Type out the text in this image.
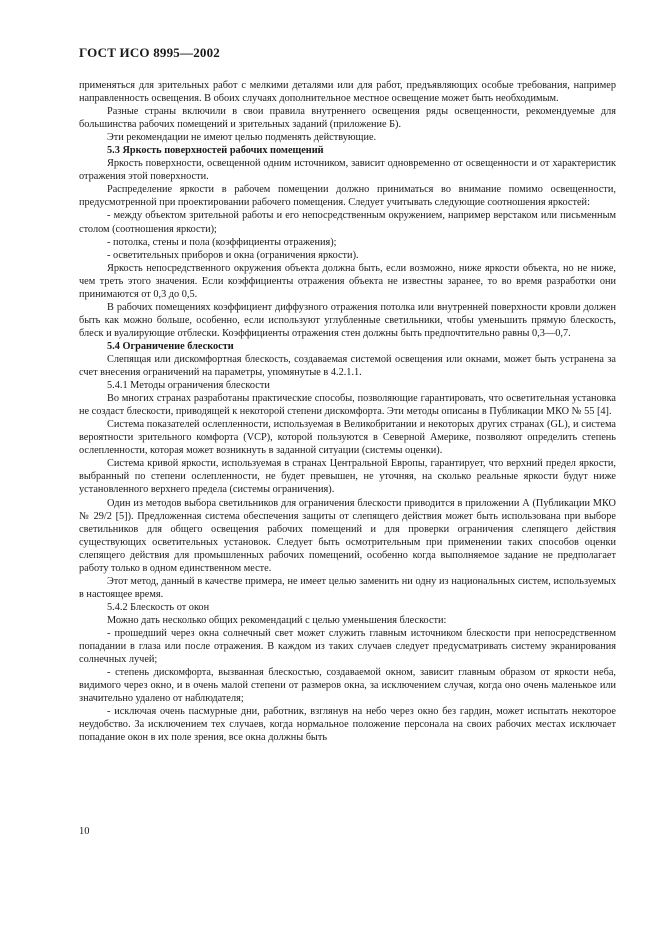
ГОСТ ИСО 8995—2002

применяться для зрительных работ с мелкими деталями или для работ, предъявляющих особые требования, например направленность освещения. В обоих случаях дополнительное местное освещение может быть необходимым.

Разные страны включили в свои правила внутреннего освещения ряды освещенности, рекомендуемые для большинства рабочих помещений и зрительных заданий (приложение Б).

Эти рекомендации не имеют целью подменять действующие.

5.3 Яркость поверхностей рабочих помещений

Яркость поверхности, освещенной одним источником, зависит одновременно от освещенности и от характеристик отражения этой поверхности.

Распределение яркости в рабочем помещении должно приниматься во внимание помимо освещенности, предусмотренной при проектировании рабочего помещения. Следует учитывать следующие соотношения яркостей:

- между объектом зрительной работы и его непосредственным окружением, например верстаком или письменным столом (соотношения яркости);

- потолка, стены и пола (коэффициенты отражения);

- осветительных приборов и окна (ограничения яркости).

Яркость непосредственного окружения объекта должна быть, если возможно, ниже яркости объекта, но не ниже, чем треть этого значения. Если коэффициенты отражения объекта не известны заранее, то во время разработки они принимаются от 0,3 до 0,5.

В рабочих помещениях коэффициент диффузного отражения потолка или внутренней поверхности кровли должен быть как можно больше, особенно, если используют углубленные светильники, чтобы уменьшить прямую блескость, блеск и вуалирующие отблески. Коэффициенты отражения стен должны быть предпочтительно равны 0,3—0,7.

5.4 Ограничение блескости

Слепящая или дискомфортная блескость, создаваемая системой освещения или окнами, может быть устранена за счет внесения ограничений на параметры, упомянутые в 4.2.1.1.

5.4.1 Методы ограничения блескости

Во многих странах разработаны практические способы, позволяющие гарантировать, что осветительная установка не создаст блескости, приводящей к некоторой степени дискомфорта. Эти методы описаны в Публикации МКО № 55 [4].

Система показателей ослепленности, используемая в Великобритании и некоторых других странах (GL), и система вероятности зрительного комфорта (VCP), которой пользуются в Северной Америке, позволяют определить степень ослепленности, которая может возникнуть в заданной ситуации (системы оценки).

Система кривой яркости, используемая в странах Центральной Европы, гарантирует, что верхний предел яркости, выбранный по степени ослепленности, не будет превышен, не уточняя, на сколько реальные яркости будут ниже установленного верхнего предела (системы ограничения).

Один из методов выбора светильников для ограничения блескости приводится в приложении А (Публикации МКО № 29/2 [5]). Предложенная система обеспечения защиты от слепящего действия может быть использована при выборе светильников для общего освещения рабочих помещений и для проверки ограничения слепящего действия существующих осветительных установок. Следует быть осмотрительным при применении таких способов оценки слепящего действия для промышленных рабочих помещений, особенно когда выполняемое задание не предполагает работу только в одном единственном месте.

Этот метод, данный в качестве примера, не имеет целью заменить ни одну из национальных систем, используемых в настоящее время.

5.4.2 Блескость от окон

Можно дать несколько общих рекомендаций с целью уменьшения блескости:

- прошедший через окна солнечный свет может служить главным источником блескости при непосредственном попадании в глаза или после отражения. В каждом из таких случаев следует предусматривать систему экранирования солнечных лучей;

- степень дискомфорта, вызванная блескостью, создаваемой окном, зависит главным образом от яркости неба, видимого через окно, и в очень малой степени от размеров окна, за исключением случая, когда оно очень маленькое или значительно удалено от наблюдателя;

- исключая очень пасмурные дни, работник, взглянув на небо через окно без гардин, может испытать некоторое неудобство. За исключением тех случаев, когда нормальное положение персонала на своих рабочих местах исключает попадание окон в их поле зрения, все окна должны быть

10
